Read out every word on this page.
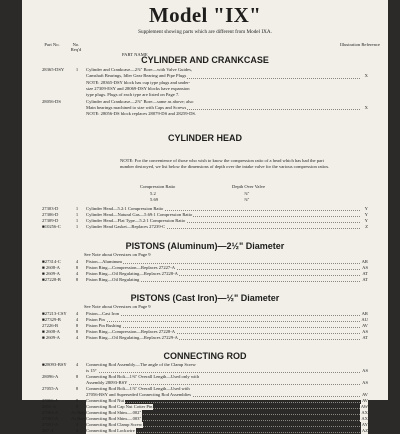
Model "IX"
Supplement showing parts which are different from Model IXA.
Part No.	No. Req'd
PART NAME
Illustration Reference
CYLINDER AND CRANKCASE
28365-DSY	1	Cylinder and Crankcase—2⅞" Bore—with Valve Guides,
Camshaft Bearings, Idler Gear Bearing and Pipe Plugs	X
NOTE: 28365-DSY block has cup type plugs and under-
size 27309-ESY and 28069-DSY blocks have expansion
type plugs. Plugs of each type are listed on Page 7.
28056-DS	Cylinder and Crankcase—2⅞" Bore—same as above; also
Main bearings machined to size with Caps and Screws	X
NOTE: 28056-DS block replaces 28079-DS and 28259-DS.
CYLINDER HEAD
NOTE: For the convenience of those who wish to know the compression ratio of a head which has had the part number destroyed, we list below the dimensions of depth over the intake valve for the various compression ratios.
Compression Ratio	Depth Over Valve
5.2	⅞"
5.69	⅞"
27303-D	1	Cylinder Head—5.2:1 Compression Ratio	Y
27306-D	1	Cylinder Head—Natural Gas—5.69:1 Compression Ratio	Y
27309-D	1	Cylinder Head—Flat Type—5.2:1 Compression Ratio	Y
■10256-C	1	Cylinder Head Gasket—Replaces 27239-C	Z
PISTONS (Aluminum)—2½" Diameter
See Note about Oversizes on Page 9
■27314-C	4	Piston—Aluminum	AR
■ 2608-A	8	Piston Ring—Compression—Replaces 27227-A	AS
■ 2609-A	4	Piston Ring—Oil Regulating—Replaces 27228-A	AT
■27228-B	8	Piston Ring—Oil Regulating	AT
PISTONS (Cast Iron)—½" Diameter
See Note about Oversizes on Page 9
■27213-CSY	4	Piston—Cast Iron	AR
■27329-B	4	Piston Pin	AU
27226-B	8	Piston Pin Bushing	AV
■ 2608-A	8	Piston Ring—Compression—Replaces 27228-A	AS
■ 2609-A	4	Piston Ring—Oil Regulating—Replaces 27229-A	AT
CONNECTING ROD
■28093-BSY	4	Connecting Rod Assembly—The angle of the Clamp Screw
is 15°	AS
28096-A	8	Connecting Rod Bolt—1⅜" Overall Length—Used only with
Assembly 28093-BSY	AS
27055-A	8	Connecting Rod Bolt—1⅞" Overall Length—Used with
27056-BSY and Superseded Connecting Rod Assemblies	AV
27066-A	8	Connecting Rod Nut	AV
2651-A	8	Connecting Rod Cap Nut Cotter Pin	AW
27064-A	As Req. Connecting Rod Shim—.002"	AX
27067-A	As Req. Connecting Rod Shim—.003"	AX
27051-A	4	Connecting Rod Clamp Screw	AY
267-A	4	Connecting Rod Lockwire	AZ
